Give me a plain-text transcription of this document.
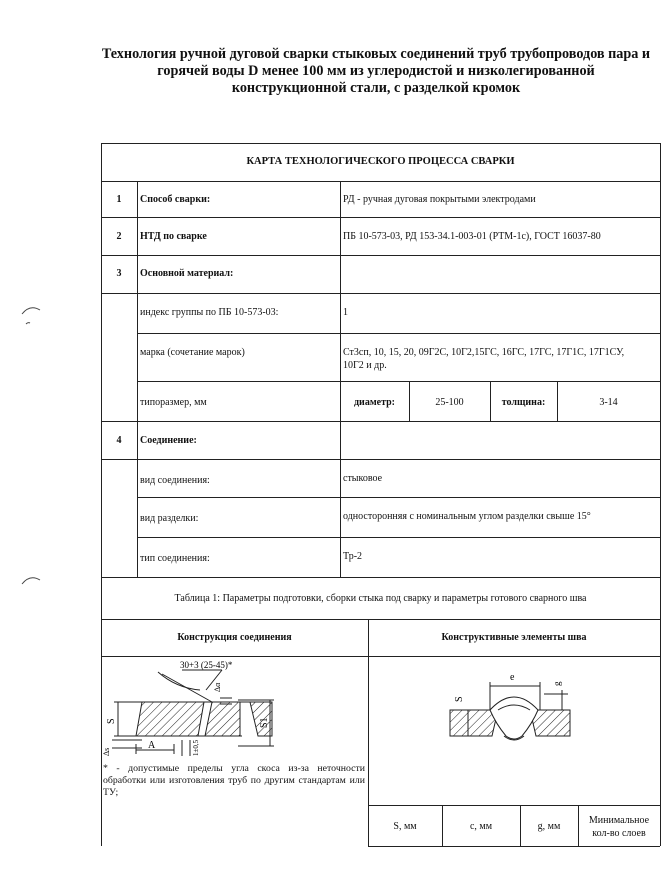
Технология ручной дуговой сварки стыковых соединений труб трубопроводов пара и
горячей воды D менее 100 мм из углеродистой и низколегированной
конструкционной стали, с разделкой кромок
КАРТА ТЕХНОЛОГИЧЕСКОГО ПРОЦЕССА СВАРКИ
1	Способ сварки:	РД - ручная дуговая покрытыми электродами
2	НТД по сварке	ПБ 10-573-03, РД 153-34.1-003-01 (РТМ-1с), ГОСТ 16037-80
3	Основной материал:
индекс группы по ПБ 10-573-03:	1
марка (сочетание марок)	Ст3сп, 10, 15, 20, 09Г2С, 10Г2,15ГС, 16ГС, 17ГС, 17Г1С, 17Г1СУ,
10Г2 и др.
типоразмер, мм	диаметр:	25-100	толщина:	3-14
4	Соединение:
вид соединения:	стыковое
вид разделки:	односторонняя с номинальным углом разделки свыше 15°
тип соединения:	Тр-2
Таблица 1: Параметры подготовки, сборки стыка под сварку и параметры готового сварного шва
Конструкция соединения	Конструктивные элементы шва
30+3 (25-45)*
Δα
S	S1
Δs
A	1±0,5
* - допустимые пределы угла скоса из-за неточности обработки или изготовления труб по другим стандартам или ТУ;
e
g
S
S, мм	c, мм	g, мм
Минимальное
кол-во слоев
